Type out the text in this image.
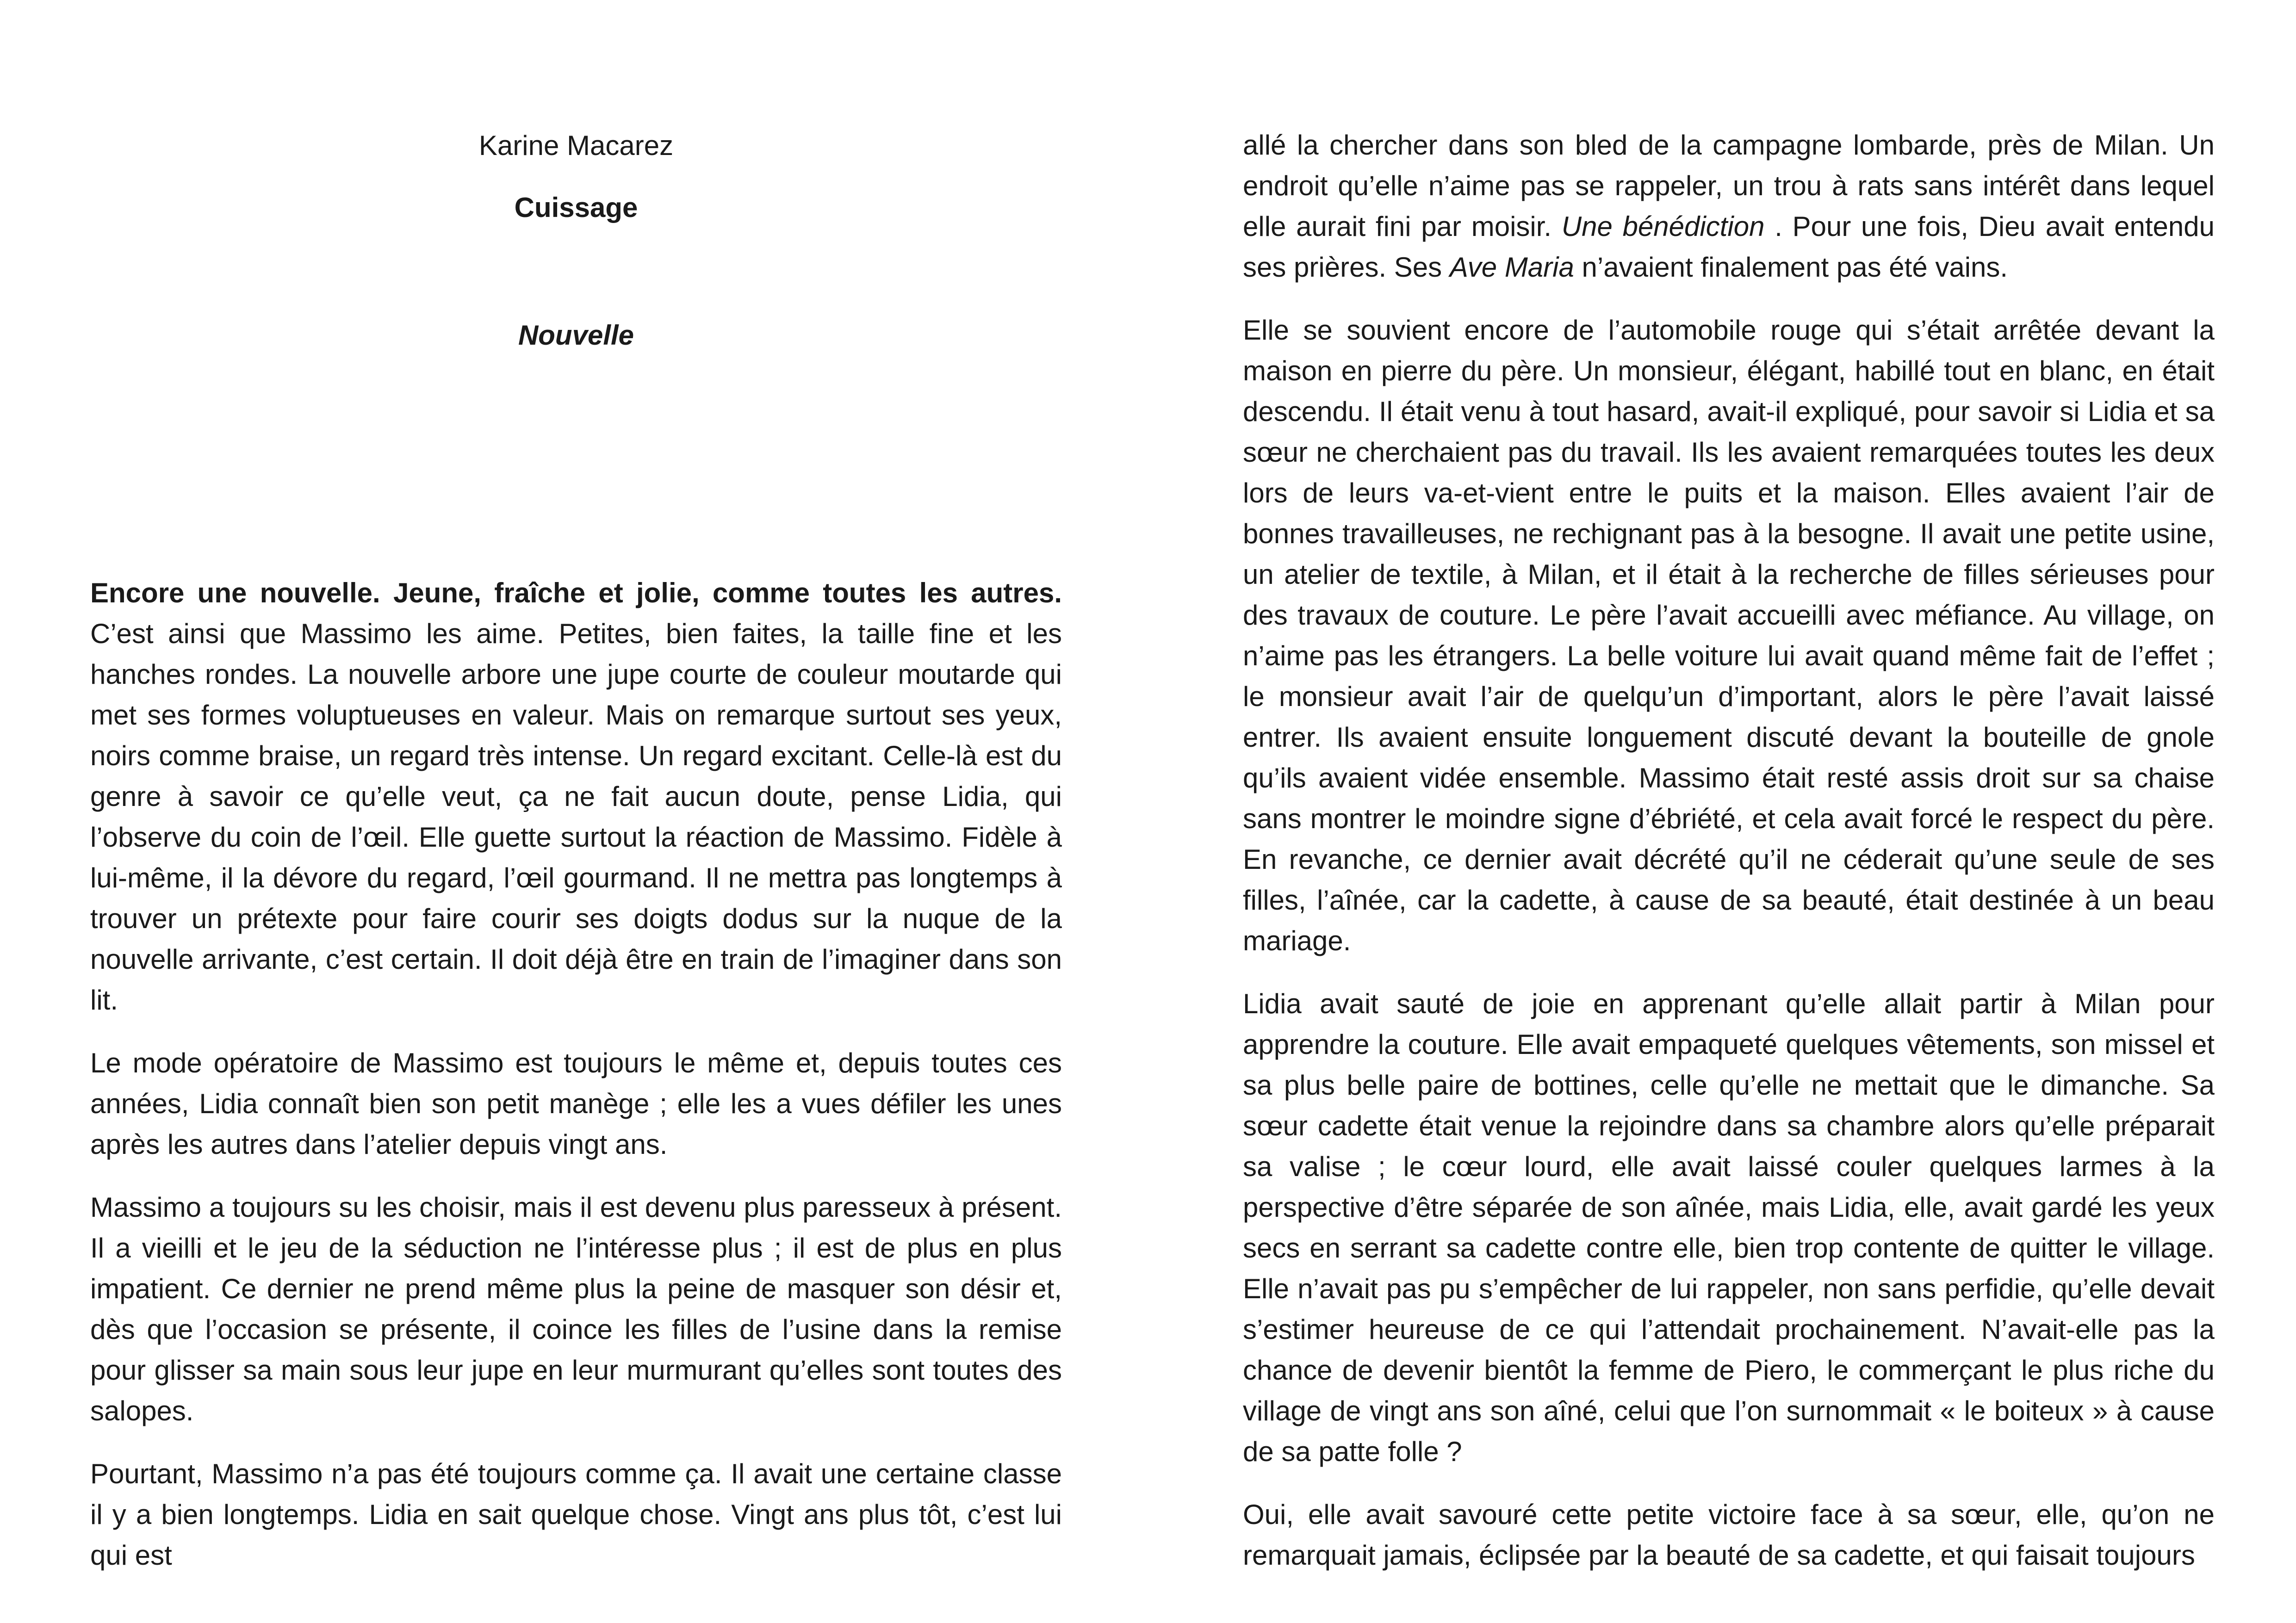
Karine Macarez

Cuissage

Nouvelle

Encore une nouvelle. Jeune, fraîche et jolie, comme toutes les autres. C’est ainsi que Massimo les aime. Petites, bien faites, la taille fine et les hanches rondes. La nouvelle arbore une jupe courte de couleur moutarde qui met ses formes voluptueuses en valeur. Mais on remarque surtout ses yeux, noirs comme braise, un regard très intense. Un regard excitant. Celle-là est du genre à savoir ce qu’elle veut, ça ne fait aucun doute, pense Lidia, qui l’observe du coin de l’œil. Elle guette surtout la réaction de Massimo. Fidèle à lui-même, il la dévore du regard, l’œil gourmand. Il ne mettra pas longtemps à trouver un prétexte pour faire courir ses doigts dodus sur la nuque de la nouvelle arrivante, c’est certain. Il doit déjà être en train de l’imaginer dans son lit.

Le mode opératoire de Massimo est toujours le même et, depuis toutes ces années, Lidia connaît bien son petit manège ; elle les a vues défiler les unes après les autres dans l’atelier depuis vingt ans.

Massimo a toujours su les choisir, mais il est devenu plus paresseux à présent. Il a vieilli et le jeu de la séduction ne l’intéresse plus ; il est de plus en plus impatient. Ce dernier ne prend même plus la peine de masquer son désir et, dès que l’occasion se présente, il coince les filles de l’usine dans la remise pour glisser sa main sous leur jupe en leur murmurant qu’elles sont toutes des salopes.

Pourtant, Massimo n’a pas été toujours comme ça. Il avait une certaine classe il y a bien longtemps. Lidia en sait quelque chose. Vingt ans plus tôt, c’est lui qui est

allé la chercher dans son bled de la campagne lombarde, près de Milan. Un endroit qu’elle n’aime pas se rappeler, un trou à rats sans intérêt dans lequel elle aurait fini par moisir. Une bénédiction . Pour une fois, Dieu avait entendu ses prières. Ses Ave Maria n’avaient finalement pas été vains.

Elle se souvient encore de l’automobile rouge qui s’était arrêtée devant la maison en pierre du père. Un monsieur, élégant, habillé tout en blanc, en était descendu. Il était venu à tout hasard, avait-il expliqué, pour savoir si Lidia et sa sœur ne cherchaient pas du travail. Ils les avaient remarquées toutes les deux lors de leurs va-et-vient entre le puits et la maison. Elles avaient l’air de bonnes travailleuses, ne rechignant pas à la besogne. Il avait une petite usine, un atelier de textile, à Milan, et il était à la recherche de filles sérieuses pour des travaux de couture. Le père l’avait accueilli avec méfiance. Au village, on n’aime pas les étrangers. La belle voiture lui avait quand même fait de l’effet ; le monsieur avait l’air de quelqu’un d’important, alors le père l’avait laissé entrer. Ils avaient ensuite longuement discuté devant la bouteille de gnole qu’ils avaient vidée ensemble. Massimo était resté assis droit sur sa chaise sans montrer le moindre signe d’ébriété, et cela avait forcé le respect du père. En revanche, ce dernier avait décrété qu’il ne céderait qu’une seule de ses filles, l’aînée, car la cadette, à cause de sa beauté, était destinée à un beau mariage.

Lidia avait sauté de joie en apprenant qu’elle allait partir à Milan pour apprendre la couture. Elle avait empaqueté quelques vêtements, son missel et sa plus belle paire de bottines, celle qu’elle ne mettait que le dimanche. Sa sœur cadette était venue la rejoindre dans sa chambre alors qu’elle préparait sa valise ; le cœur lourd, elle avait laissé couler quelques larmes à la perspective d’être séparée de son aînée, mais Lidia, elle, avait gardé les yeux secs en serrant sa cadette contre elle, bien trop contente de quitter le village. Elle n’avait pas pu s’empêcher de lui rappeler, non sans perfidie, qu’elle devait s’estimer heureuse de ce qui l’attendait prochainement. N’avait-elle pas la chance de devenir bientôt la femme de Piero, le commerçant le plus riche du village de vingt ans son aîné, celui que l’on surnommait « le boiteux » à cause de sa patte folle ?

Oui, elle avait savouré cette petite victoire face à sa sœur, elle, qu’on ne remarquait jamais, éclipsée par la beauté de sa cadette, et qui faisait toujours
